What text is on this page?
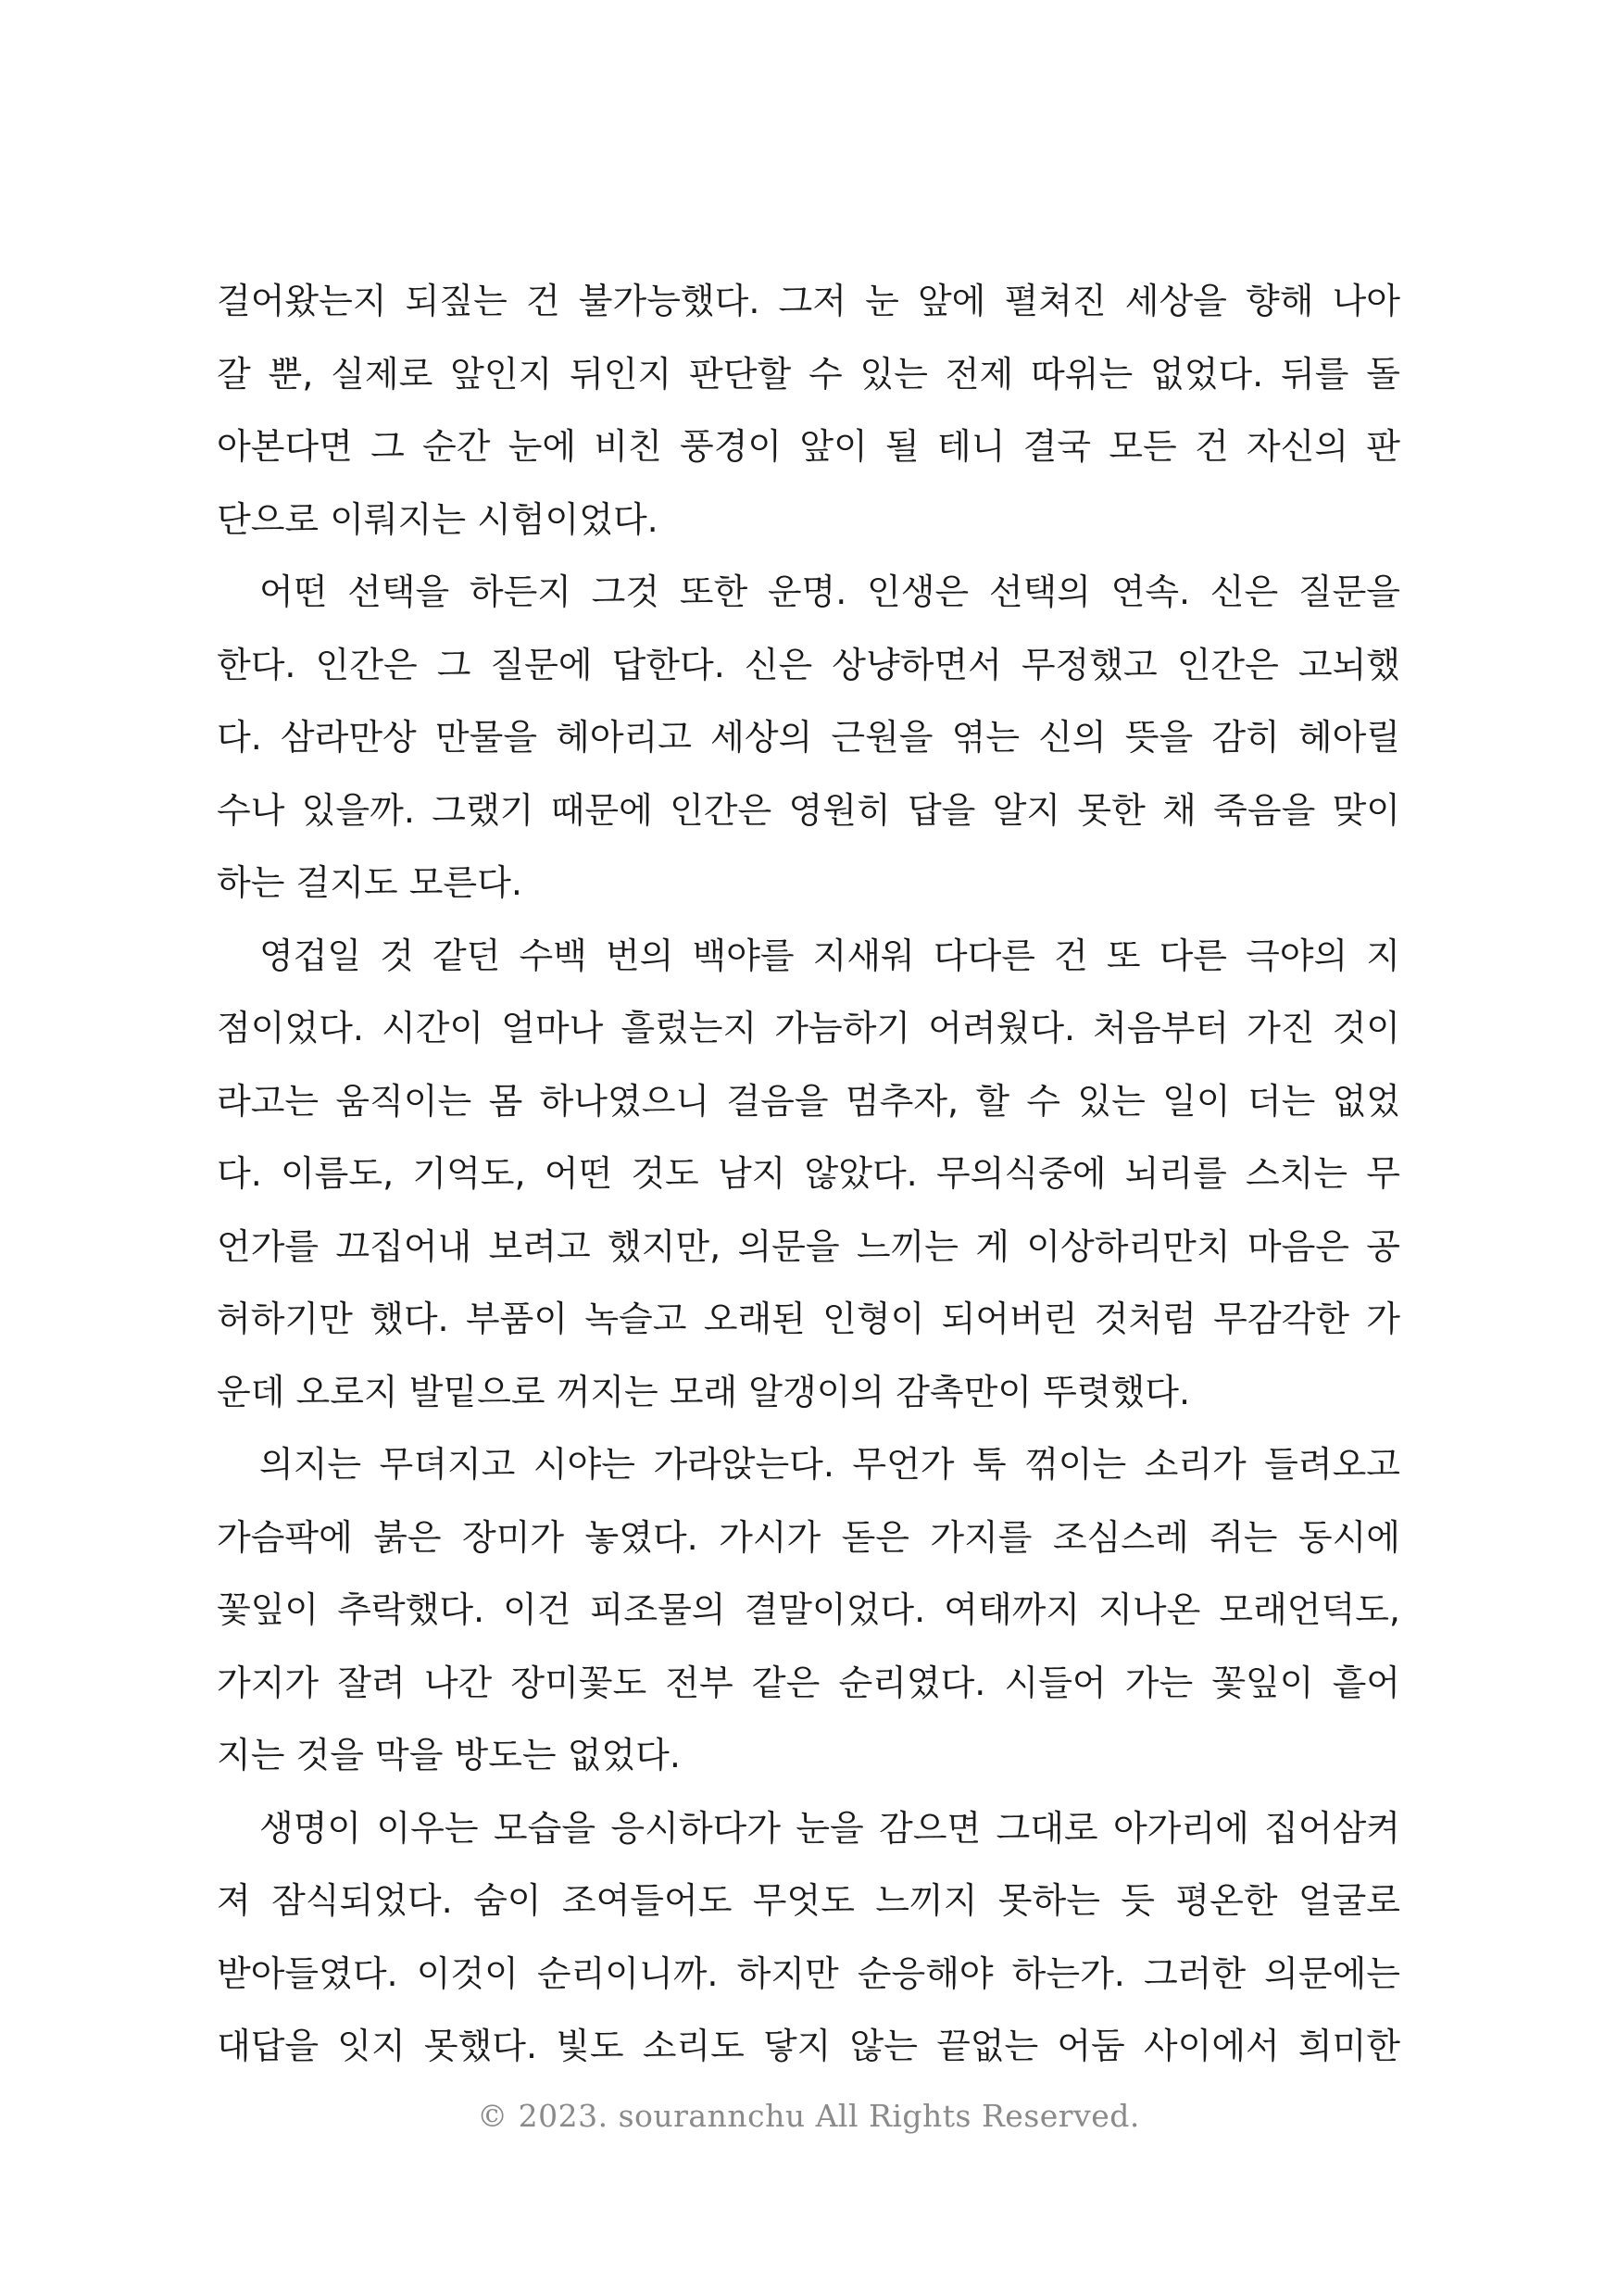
걸어왔는지 되짚는 건 불가능했다. 그저 눈 앞에 펼쳐진 세상을 향해 나아
갈 뿐, 실제로 앞인지 뒤인지 판단할 수 있는 전제 따위는 없었다. 뒤를 돌
아본다면 그 순간 눈에 비친 풍경이 앞이 될 테니 결국 모든 건 자신의 판
단으로 이뤄지는 시험이었다.
어떤 선택을 하든지 그것 또한 운명. 인생은 선택의 연속. 신은 질문을
한다. 인간은 그 질문에 답한다. 신은 상냥하면서 무정했고 인간은 고뇌했
다. 삼라만상 만물을 헤아리고 세상의 근원을 엮는 신의 뜻을 감히 헤아릴
수나 있을까. 그랬기 때문에 인간은 영원히 답을 알지 못한 채 죽음을 맞이
하는 걸지도 모른다.
영겁일 것 같던 수백 번의 백야를 지새워 다다른 건 또 다른 극야의 지
점이었다. 시간이 얼마나 흘렀는지 가늠하기 어려웠다. 처음부터 가진 것이
라고는 움직이는 몸 하나였으니 걸음을 멈추자, 할 수 있는 일이 더는 없었
다. 이름도, 기억도, 어떤 것도 남지 않았다. 무의식중에 뇌리를 스치는 무
언가를 끄집어내 보려고 했지만, 의문을 느끼는 게 이상하리만치 마음은 공
허하기만 했다. 부품이 녹슬고 오래된 인형이 되어버린 것처럼 무감각한 가
운데 오로지 발밑으로 꺼지는 모래 알갱이의 감촉만이 뚜렷했다.
의지는 무뎌지고 시야는 가라앉는다. 무언가 툭 꺾이는 소리가 들려오고
가슴팍에 붉은 장미가 놓였다. 가시가 돋은 가지를 조심스레 쥐는 동시에
꽃잎이 추락했다. 이건 피조물의 결말이었다. 여태까지 지나온 모래언덕도,
가지가 잘려 나간 장미꽃도 전부 같은 순리였다. 시들어 가는 꽃잎이 흩어
지는 것을 막을 방도는 없었다.
생명이 이우는 모습을 응시하다가 눈을 감으면 그대로 아가리에 집어삼켜
져 잠식되었다. 숨이 조여들어도 무엇도 느끼지 못하는 듯 평온한 얼굴로
받아들였다. 이것이 순리이니까. 하지만 순응해야 하는가. 그러한 의문에는
대답을 잇지 못했다. 빛도 소리도 닿지 않는 끝없는 어둠 사이에서 희미한
© 2023. sourannchu All Rights Reserved.
